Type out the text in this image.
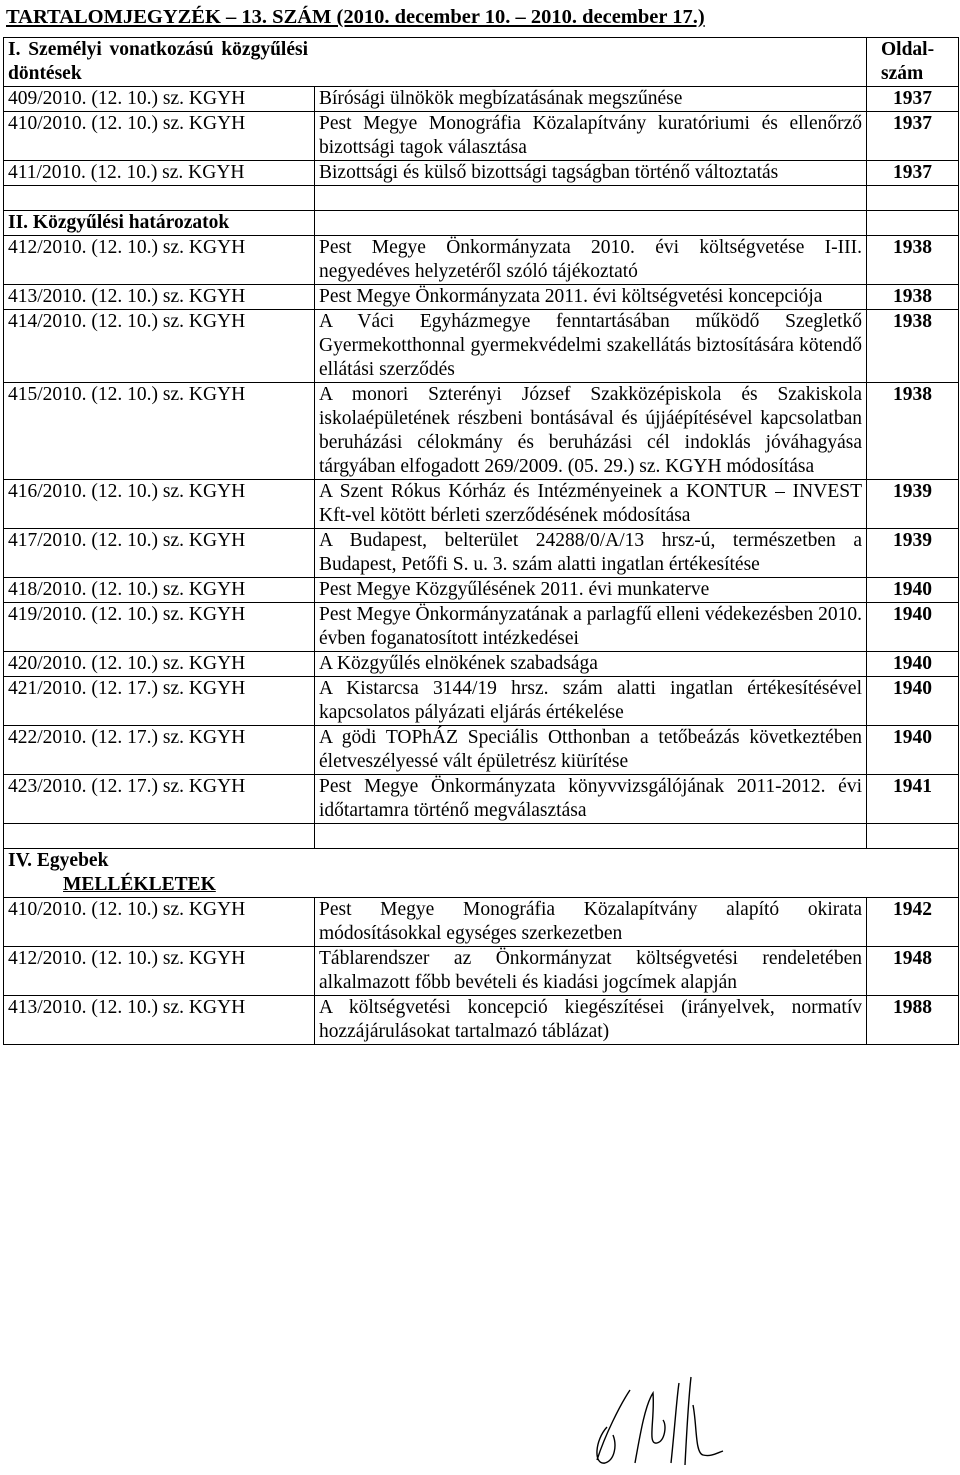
TARTALOMJEGYZÉK – 13. SZÁM (2010. december 10. – 2010. december 17.)
I. Személyi vonatkozású közgyűlési döntések		Oldal-szám
409/2010. (12. 10.) sz. KGYH	Bírósági ülnökök megbízatásának megszűnése	1937
410/2010. (12. 10.) sz. KGYH	Pest Megye Monográfia Közalapítvány kuratóriumi és ellenőrző bizottsági tagok választása	1937
411/2010. (12. 10.) sz. KGYH	Bizottsági és külső bizottsági tagságban történő változtatás	1937

II. Közgyűlési határozatok		
412/2010. (12. 10.) sz. KGYH	Pest Megye Önkormányzata 2010. évi költségvetése I-III. negyedéves helyzetéről szóló tájékoztató	1938
413/2010. (12. 10.) sz. KGYH	Pest Megye Önkormányzata 2011. évi költségvetési koncepciója	1938
414/2010. (12. 10.) sz. KGYH	A Váci Egyházmegye fenntartásában működő Szegletkő Gyermekotthonnal gyermekvédelmi szakellátás biztosítására kötendő ellátási szerződés	1938
415/2010. (12. 10.) sz. KGYH	A monori Szterényi József Szakközépiskola és Szakiskola iskolaépületének részbeni bontásával és újjáépítésével kapcsolatban beruházási célokmány és beruházási cél indoklás jóváhagyása tárgyában elfogadott 269/2009. (05. 29.) sz. KGYH módosítása	1938
416/2010. (12. 10.) sz. KGYH	A Szent Rókus Kórház és Intézményeinek a KONTUR – INVEST Kft-vel kötött bérleti szerződésének módosítása	1939
417/2010. (12. 10.) sz. KGYH	A Budapest, belterület 24288/0/A/13 hrsz-ú, természetben a Budapest, Petőfi S. u. 3. szám alatti ingatlan értékesítése	1939
418/2010. (12. 10.) sz. KGYH	Pest Megye Közgyűlésének 2011. évi munkaterve	1940
419/2010. (12. 10.) sz. KGYH	Pest Megye Önkormányzatának a parlagfű elleni védekezésben 2010. évben foganatosított intézkedései	1940
420/2010. (12. 10.) sz. KGYH	A Közgyűlés elnökének szabadsága	1940
421/2010. (12. 17.) sz. KGYH	A Kistarcsa 3144/19 hrsz. szám alatti ingatlan értékesítésével kapcsolatos pályázati eljárás értékelése	1940
422/2010. (12. 17.) sz. KGYH	A gödi TOPhÁZ Speciális Otthonban a tetőbeázás következtében életveszélyessé vált épületrész kiürítése	1940
423/2010. (12. 17.) sz. KGYH	Pest Megye Önkormányzata könyvvizsgálójának 2011-2012. évi időtartamra történő megválasztása	1941

IV. Egyebek
MELLÉKLETEK		

410/2010. (12. 10.) sz. KGYH	Pest Megye Monográfia Közalapítvány alapító okirata módosításokkal egységes szerkezetben	1942
412/2010. (12. 10.) sz. KGYH	Táblarendszer az Önkormányzat költségvetési rendeletében alkalmazott főbb bevételi és kiadási jogcímek alapján	1948
413/2010. (12. 10.) sz. KGYH	A költségvetési koncepció kiegészítései (irányelvek, normatív hozzájárulásokat tartalmazó táblázat)	1988
